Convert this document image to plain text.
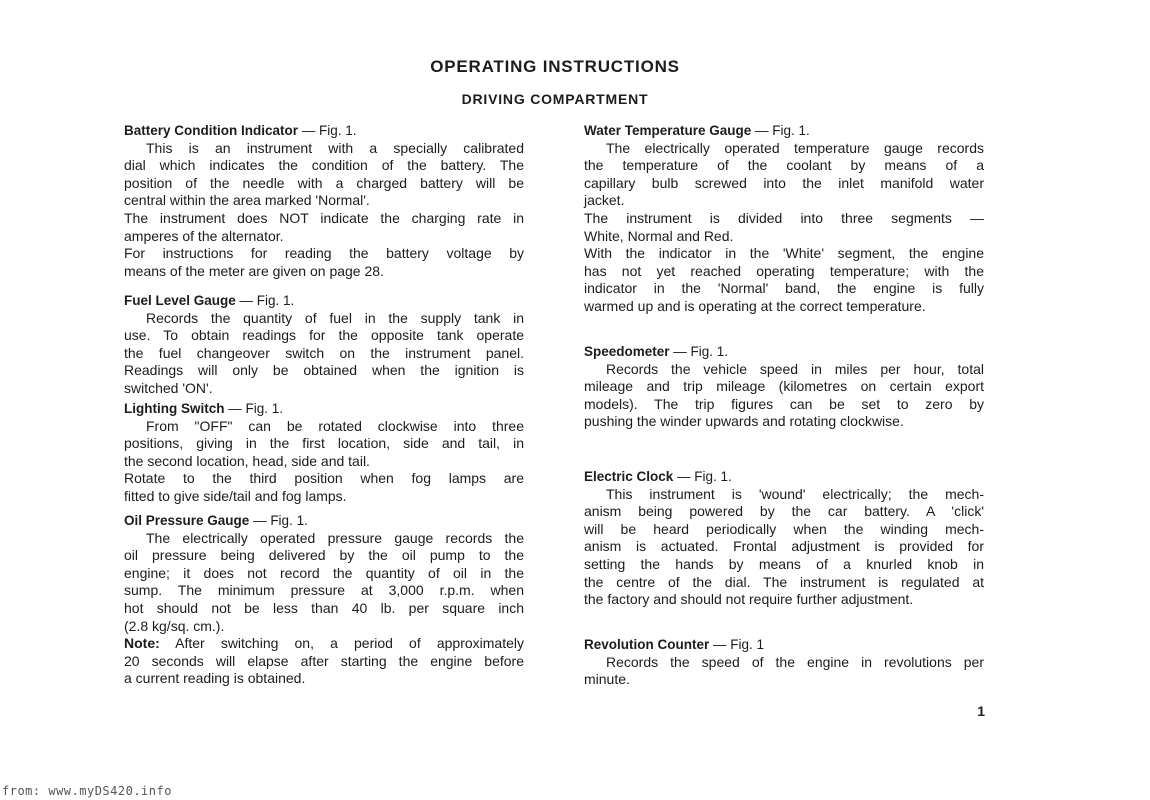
OPERATING INSTRUCTIONS
DRIVING COMPARTMENT
Battery Condition Indicator — Fig. 1.

This is an instrument with a specially calibrated

dial which indicates the condition of the battery. The

position of the needle with a charged battery will be

central within the area marked 'Normal'.

The instrument does NOT indicate the charging rate in

amperes of the alternator.

For instructions for reading the battery voltage by

means of the meter are given on page 28.

Fuel Level Gauge — Fig. 1.

Records the quantity of fuel in the supply tank in

use. To obtain readings for the opposite tank operate

the fuel changeover switch on the instrument panel.

Readings will only be obtained when the ignition is

switched 'ON'.

Lighting Switch — Fig. 1.

From "OFF" can be rotated clockwise into three

positions, giving in the first location, side and tail, in

the second location, head, side and tail.

Rotate to the third position when fog lamps are

fitted to give side/tail and fog lamps.

Oil Pressure Gauge — Fig. 1.

The electrically operated pressure gauge records the

oil pressure being delivered by the oil pump to the

engine; it does not record the quantity of oil in the

sump. The minimum pressure at 3,000 r.p.m. when

hot should not be less than 40 lb. per square inch

(2.8 kg/sq. cm.).

Note: After switching on, a period of approximately

20 seconds will elapse after starting the engine before

a current reading is obtained.

Water Temperature Gauge — Fig. 1.

The electrically operated temperature gauge records

the temperature of the coolant by means of a

capillary bulb screwed into the inlet manifold water

jacket.

The instrument is divided into three segments —

White, Normal and Red.

With the indicator in the 'White' segment, the engine

has not yet reached operating temperature; with the

indicator in the 'Normal' band, the engine is fully

warmed up and is operating at the correct temperature.

Speedometer — Fig. 1.

Records the vehicle speed in miles per hour, total

mileage and trip mileage (kilometres on certain export

models). The trip figures can be set to zero by

pushing the winder upwards and rotating clockwise.

Electric Clock — Fig. 1.

This instrument is 'wound' electrically; the mech-

anism being powered by the car battery. A 'click'

will be heard periodically when the winding mech-

anism is actuated. Frontal adjustment is provided for

setting the hands by means of a knurled knob in

the centre of the dial. The instrument is regulated at

the factory and should not require further adjustment.

Revolution Counter — Fig. 1

Records the speed of the engine in revolutions per

minute.

1
from: www.myDS420.info
